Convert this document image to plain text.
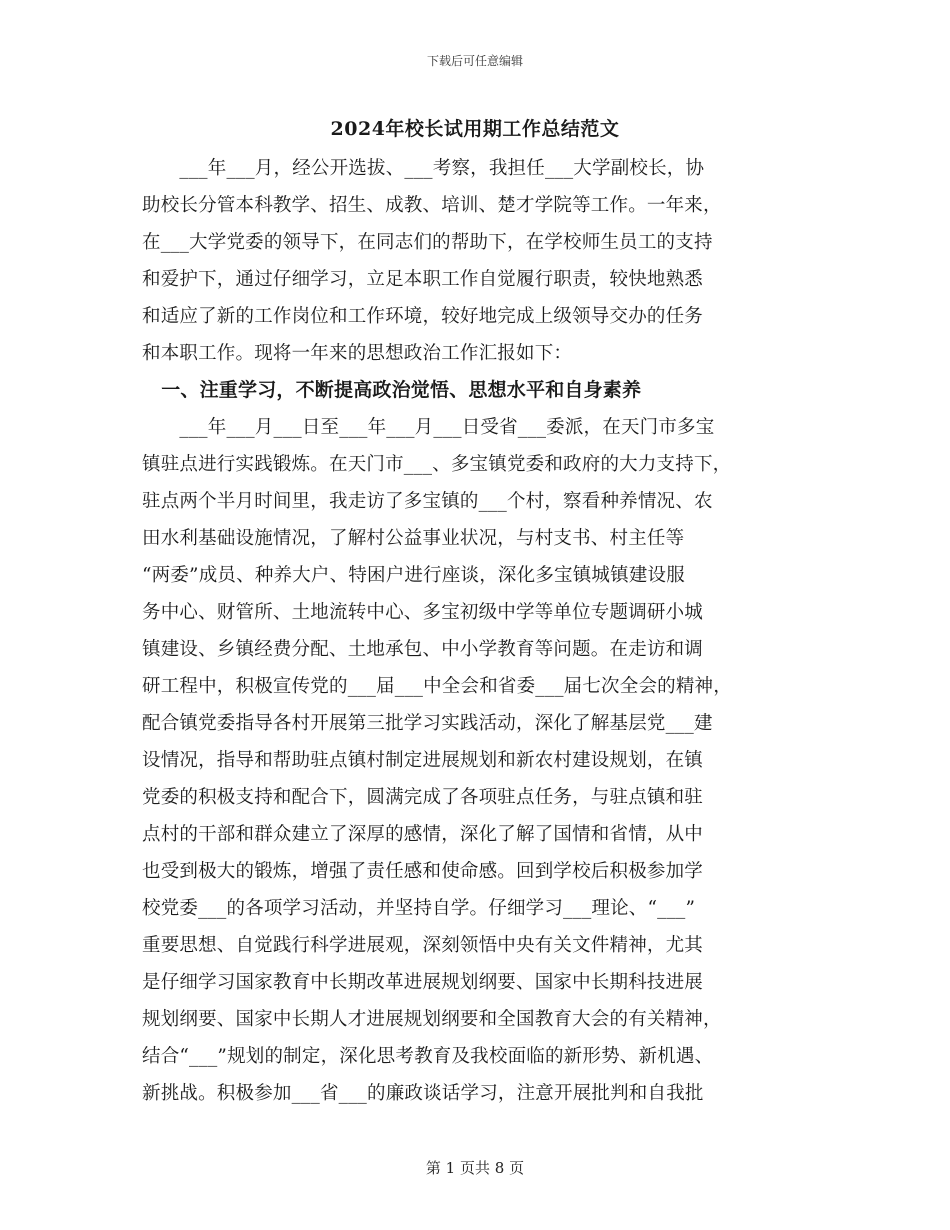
下载后可任意编辑
2024年校长试用期工作总结范文
　　___年___月，经公开选拔、___考察，我担任___大学副校长，协
助校长分管本科教学、招生、成教、培训、楚才学院等工作。一年来，
在___大学党委的领导下，在同志们的帮助下，在学校师生员工的支持
和爱护下，通过仔细学习，立足本职工作自觉履行职责，较快地熟悉
和适应了新的工作岗位和工作环境，较好地完成上级领导交办的任务
和本职工作。现将一年来的思想政治工作汇报如下：
　一、注重学习，不断提高政治觉悟、思想水平和自身素养
　　___年___月___日至___年___月___日受省___委派，在天门市多宝
镇驻点进行实践锻炼。在天门市___、多宝镇党委和政府的大力支持下，
驻点两个半月时间里，我走访了多宝镇的___个村，察看种养情况、农
田水利基础设施情况，了解村公益事业状况，与村支书、村主任等
“两委”成员、种养大户、特困户进行座谈，深化多宝镇城镇建设服
务中心、财管所、土地流转中心、多宝初级中学等单位专题调研小城
镇建设、乡镇经费分配、土地承包、中小学教育等问题。在走访和调
研工程中，积极宣传党的___届___中全会和省委___届七次全会的精神，
配合镇党委指导各村开展第三批学习实践活动，深化了解基层党___建
设情况，指导和帮助驻点镇村制定进展规划和新农村建设规划，在镇
党委的积极支持和配合下，圆满完成了各项驻点任务，与驻点镇和驻
点村的干部和群众建立了深厚的感情，深化了解了国情和省情，从中
也受到极大的锻炼，增强了责任感和使命感。回到学校后积极参加学
校党委___的各项学习活动，并坚持自学。仔细学习___理论、“___”
重要思想、自觉践行科学进展观，深刻领悟中央有关文件精神，尤其
是仔细学习国家教育中长期改革进展规划纲要、国家中长期科技进展
规划纲要、国家中长期人才进展规划纲要和全国教育大会的有关精神，
结合“___”规划的制定，深化思考教育及我校面临的新形势、新机遇、
新挑战。积极参加___省___的廉政谈话学习，注意开展批判和自我批
第 1 页共 8 页
